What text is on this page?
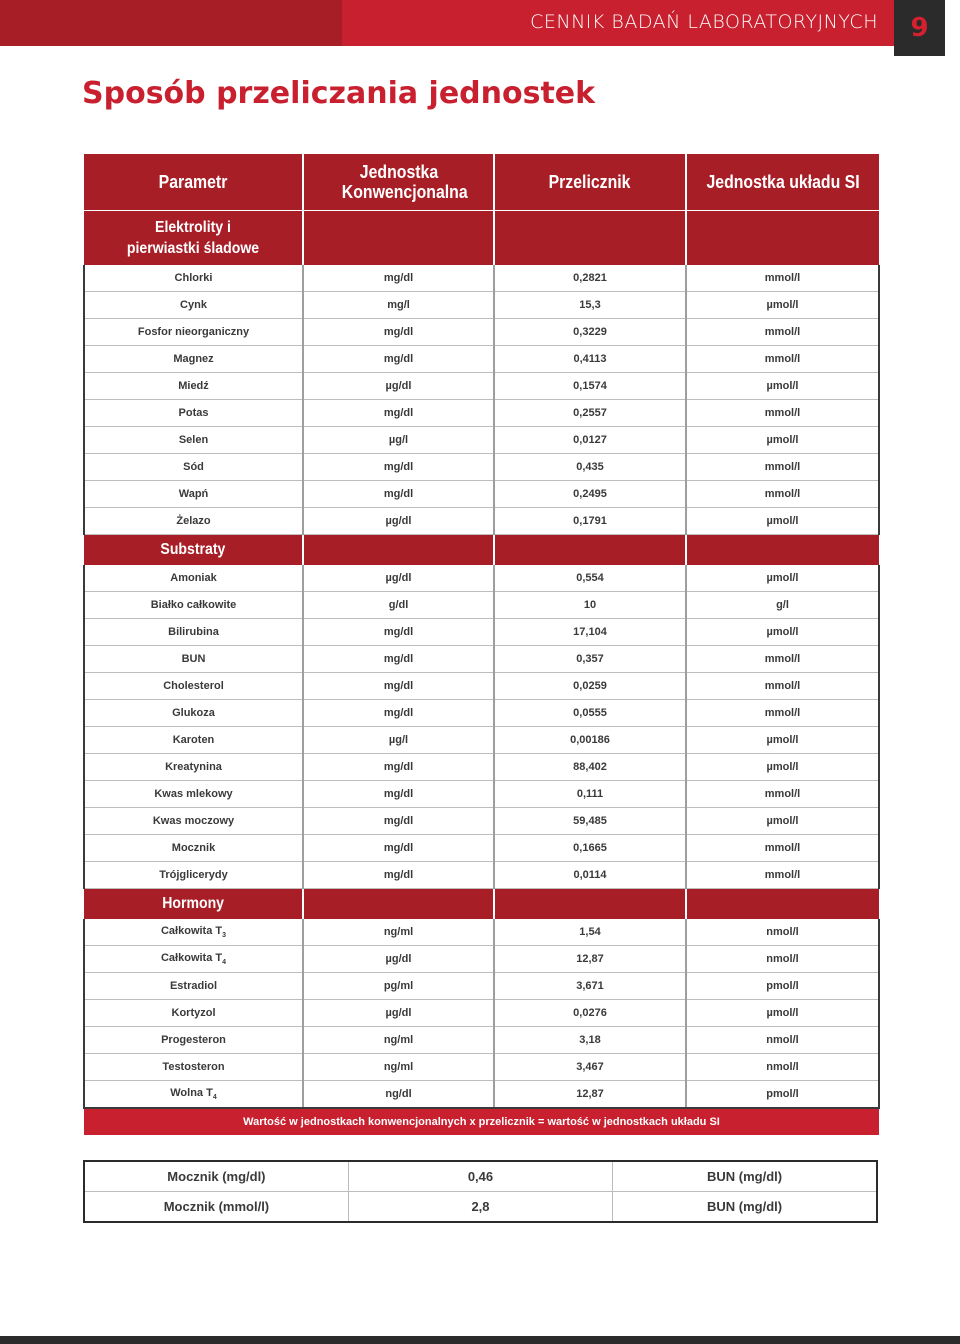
CENNIK BADAŃ LABORATORYJNYCH	9
Sposób przeliczania jednostek
Parametr	Jednostka Konwencjonalna	Przelicznik	Jednostka układu SI
Elektrolity i pierwiastki śladowe			
Chlorki	mg/dl	0,2821	mmol/l
Cynk	mg/l	15,3	µmol/l
Fosfor nieorganiczny	mg/dl	0,3229	mmol/l
Magnez	mg/dl	0,4113	mmol/l
Miedź	µg/dl	0,1574	µmol/l
Potas	mg/dl	0,2557	mmol/l
Selen	µg/l	0,0127	µmol/l
Sód	mg/dl	0,435	mmol/l
Wapń	mg/dl	0,2495	mmol/l
Żelazo	µg/dl	0,1791	µmol/l
Substraty			
Amoniak	µg/dl	0,554	µmol/l
Białko całkowite	g/dl	10	g/l
Bilirubina	mg/dl	17,104	µmol/l
BUN	mg/dl	0,357	mmol/l
Cholesterol	mg/dl	0,0259	mmol/l
Glukoza	mg/dl	0,0555	mmol/l
Karoten	µg/l	0,00186	µmol/l
Kreatynina	mg/dl	88,402	µmol/l
Kwas mlekowy	mg/dl	0,111	mmol/l
Kwas moczowy	mg/dl	59,485	µmol/l
Mocznik	mg/dl	0,1665	mmol/l
Trójglicerydy	mg/dl	0,0114	mmol/l
Hormony			
Całkowita $T_3$	ng/ml	1,54	nmol/l
Całkowita $T_4$	µg/dl	12,87	nmol/l
Estradiol	pg/ml	3,671	pmol/l
Kortyzol	µg/dl	0,0276	µmol/l
Progesteron	ng/ml	3,18	nmol/l
Testosteron	ng/ml	3,467	nmol/l
Wolna $T_4$	ng/dl	12,87	pmol/l
Wartość w jednostkach konwencjonalnych x przelicznik = wartość w jednostkach układu SI			
Mocznik (mg/dl)	0,46	BUN (mg/dl)
Mocznik (mmol/l)	2,8	BUN (mg/dl)
